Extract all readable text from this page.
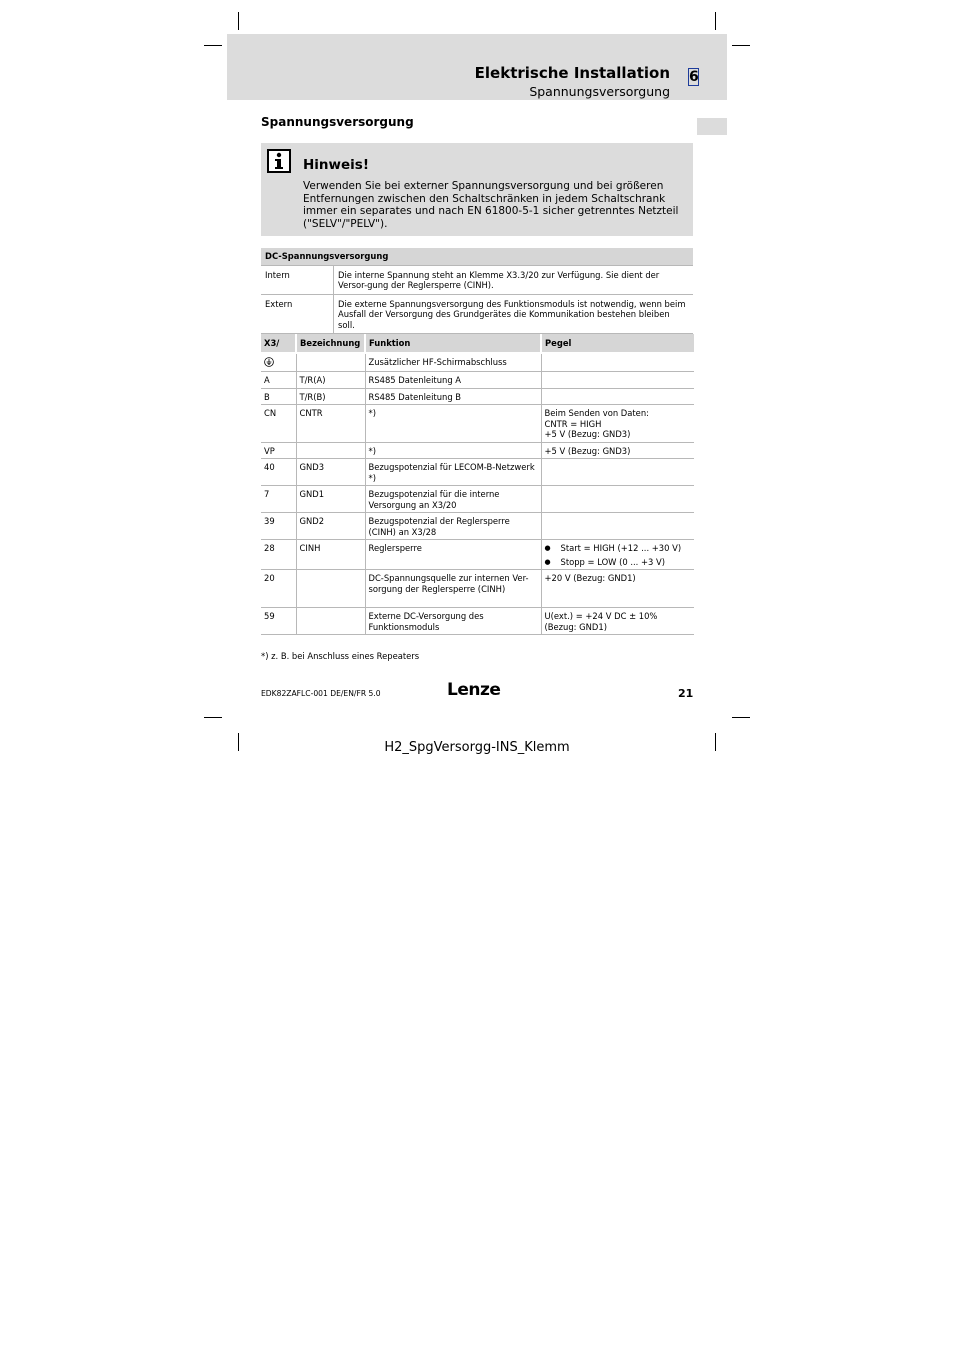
Elektrische Installation
Spannungsversorgung
6
Spannungsversorgung
Hinweis!
Verwenden Sie bei externer Spannungsversorgung und bei größeren Entfernungen zwischen den Schaltschränken in jedem Schaltschrank immer ein separates und nach EN 61800-5-1 sicher getrenntes Netzteil ("SELV"/"PELV").
DC-Spannungsversorgung	
Intern	Die interne Spannung steht an Klemme X3.3/20 zur Verfügung. Sie dient der Versor-gung der Reglersperre (CINH).
Extern	Die externe Spannungsversorgung des Funktionsmoduls ist notwendig, wenn beim Ausfall der Versorgung des Grundgerätes die Kommunikation bestehen bleiben soll.
X3/	Bezeichnung	Funktion	Pegel
		Zusätzlicher HF-Schirmabschluss	
A	T/R(A)	RS485 Datenleitung A	
B	T/R(B)	RS485 Datenleitung B	
CN	CNTR	*)	Beim Senden von Daten:
CNTR = HIGH
+5 V (Bezug: GND3)

VP		*)	+5 V (Bezug: GND3)
40	GND3	Bezugspotenzial für LECOM-B-Netzwerk *)	
7	GND1	Bezugspotenzial für die interne Versorgung an X3/20	
39	GND2	Bezugspotenzial der Reglersperre (CINH) an X3/28	
28	CINH	Reglersperre	● Start = HIGH (+12 ... +30 V)
● Stopp = LOW (0 ... +3 V)

20		DC-Spannungsquelle zur internen Ver-sorgung der Reglersperre (CINH)	+20 V (Bezug: GND1)
59		Externe DC-Versorgung des Funktionsmoduls	U(ext.) = +24 V DC ± 10%
(Bezug: GND1)
*) z. B. bei Anschluss eines Repeaters
EDK82ZAFLC-001 DE/EN/FR 5.0	Lenze	21
H2_SpgVersorgg-INS_Klemm
